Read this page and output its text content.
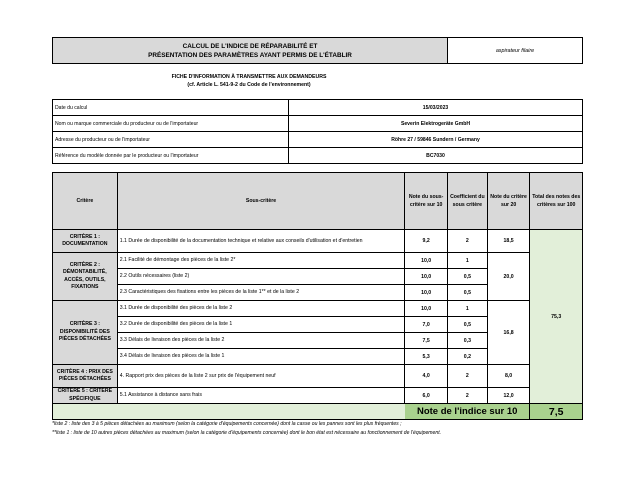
CALCUL DE L'INDICE DE RÉPARABILITÉ ET
PRÉSENTATION DES PARAMÈTRES AYANT PERMIS DE L'ÉTABLIR
	aspirateur filaire
FICHE D'INFORMATION À TRANSMETTRE AUX DEMANDEURS
(cf. Article L. 541-9-2 du Code de l'environnement)
Date du calcul	15/03/2023
Nom ou marque commerciale du producteur ou de l'importateur	Severin Elektrogeräte GmbH
Adresse du producteur ou de l'importateur	Röhre 27 / 59846 Sundern / Germany
Référence du modèle donnée par le producteur ou l'importateur	BC7030
Critère	Sous-critère	Note du sous-critère sur 10	Coefficient du sous critère	Note du critère sur 20	Total des notes des critères sur 100
CRITÈRE 1 : DOCUMENTATION	1.1 Durée de disponibilité de la documentation technique et relative aux conseils d'utilisation et d'entretien	9,2	2	18,5	75,3
CRITÈRE 2 : DÉMONTABILITÉ, ACCÈS, OUTILS, FIXATIONS	2.1 Facilité de démontage des pièces de la liste 2*	10,0	1	20,0	
	2.2 Outils nécessaires (liste 2)	10,0	0,5		
	2.3 Caractéristiques des fixations entre les pièces de la liste 1** et de la liste 2	10,0	0,5		
CRITÈRE 3 : DISPONIBILITÉ DES PIÈCES DÉTACHÉES	3.1 Durée de disponibilité des pièces de la liste 2	10,0	1	16,8	
	3.2 Durée de disponibilité des pièces de la liste 1	7,0	0,5		
	3.3 Délais de livraison des pièces de la liste 2	7,5	0,3		
	3.4 Délais de livraison des pièces de la liste 1	5,3	0,2		
CRITÈRE 4 : PRIX DES PIÈCES DÉTACHÉES	4. Rapport prix des pièces de la liste 2 sur prix de l'équipement neuf	4,0	2	8,0	
CRITÈRE 5 : CRITÈRE SPÉCIFIQUE	5.1 Assistance à distance sans frais	6,0	2	12,0	
		Note de l'indice sur 10			7,5
*liste 2 : liste des 3 à 5 pièces détachées au maximum (selon la catégorie d'équipements concernée) dont la casse ou les pannes sont les plus fréquentes ;
**liste 1 : liste de 10 autres pièces détachées au maximum (selon la catégorie d'équipements concernée) dont le bon état est nécessaire au fonctionnement de l'équipement.
